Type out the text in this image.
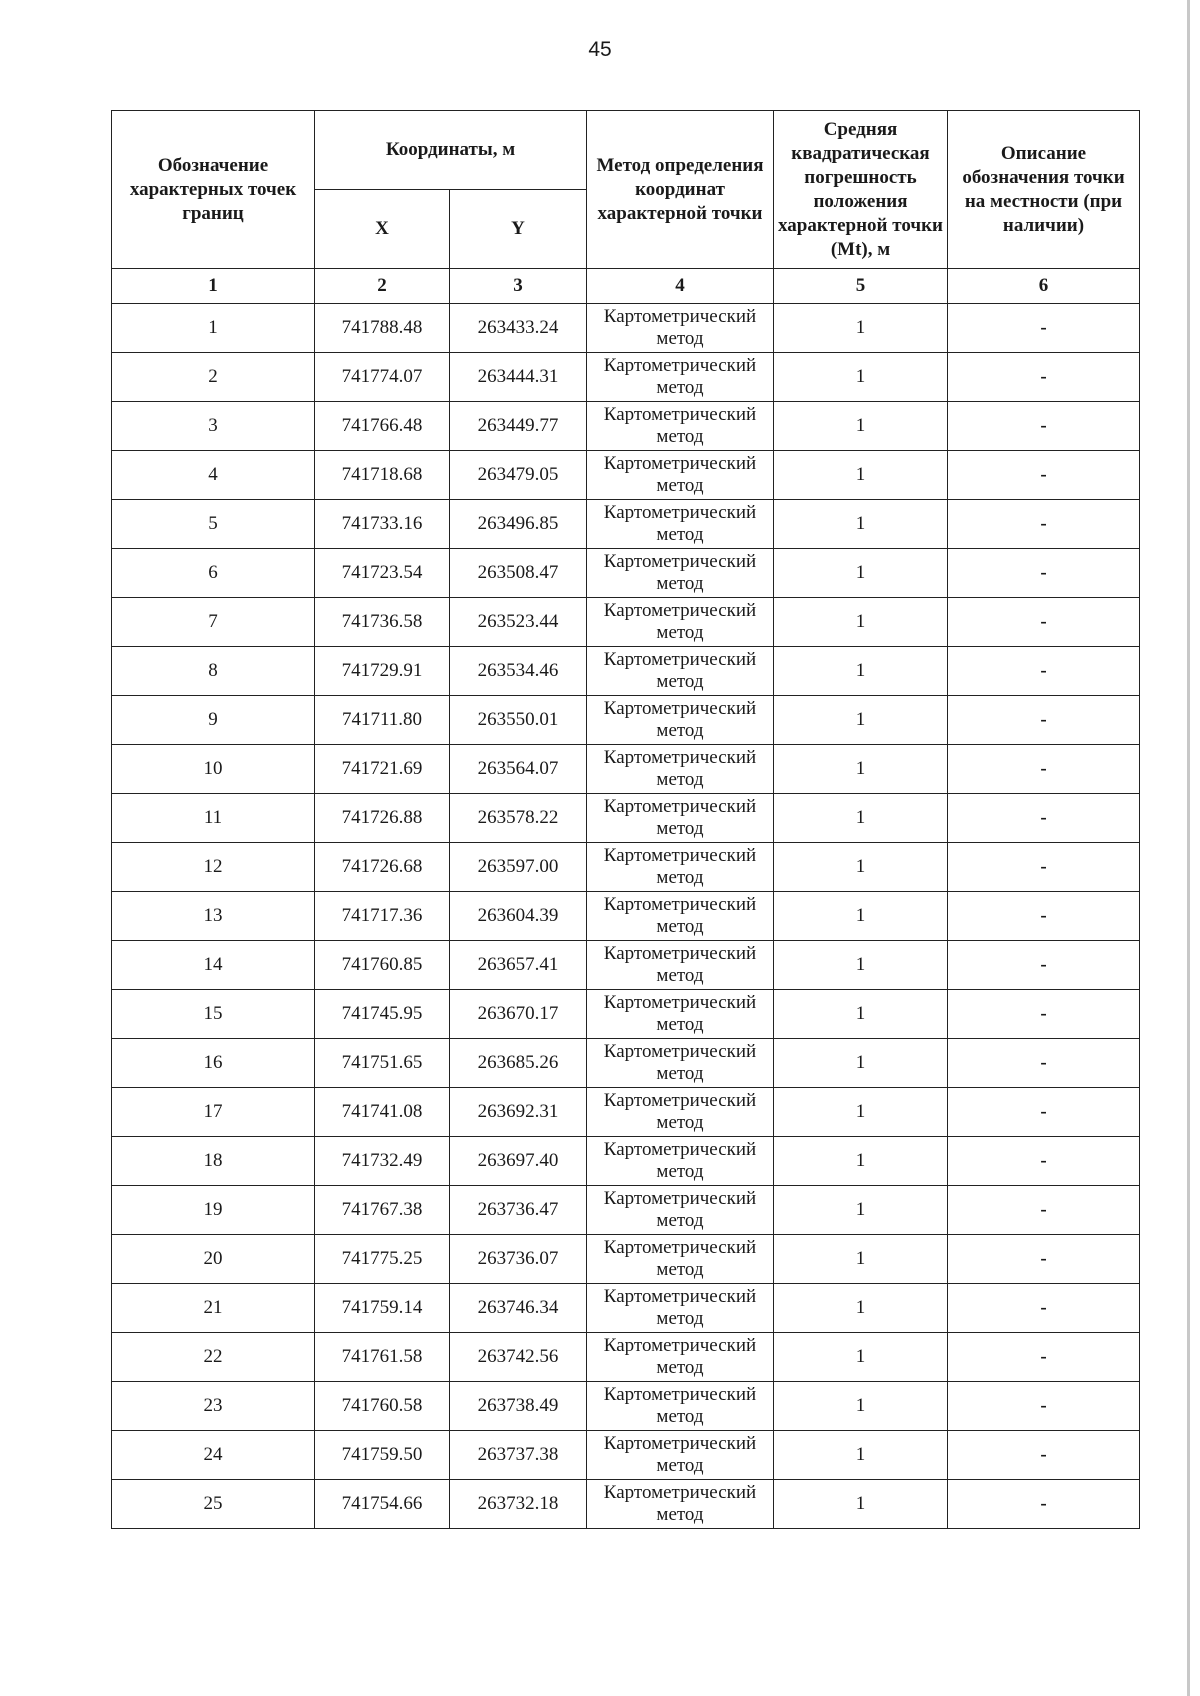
45
Обозначение характерных точек границ	Координаты, м		Метод определения координат характерной точки	Средняя квадратическая погрешность положения характерной точки (Mt), м	Описание обозначения точки на местности (при наличии)
	X	Y			
1	2	3	4	5	6
1	741788.48	263433.24	Картометрический метод	1	-
2	741774.07	263444.31	Картометрический метод	1	-
3	741766.48	263449.77	Картометрический метод	1	-
4	741718.68	263479.05	Картометрический метод	1	-
5	741733.16	263496.85	Картометрический метод	1	-
6	741723.54	263508.47	Картометрический метод	1	-
7	741736.58	263523.44	Картометрический метод	1	-
8	741729.91	263534.46	Картометрический метод	1	-
9	741711.80	263550.01	Картометрический метод	1	-
10	741721.69	263564.07	Картометрический метод	1	-
11	741726.88	263578.22	Картометрический метод	1	-
12	741726.68	263597.00	Картометрический метод	1	-
13	741717.36	263604.39	Картометрический метод	1	-
14	741760.85	263657.41	Картометрический метод	1	-
15	741745.95	263670.17	Картометрический метод	1	-
16	741751.65	263685.26	Картометрический метод	1	-
17	741741.08	263692.31	Картометрический метод	1	-
18	741732.49	263697.40	Картометрический метод	1	-
19	741767.38	263736.47	Картометрический метод	1	-
20	741775.25	263736.07	Картометрический метод	1	-
21	741759.14	263746.34	Картометрический метод	1	-
22	741761.58	263742.56	Картометрический метод	1	-
23	741760.58	263738.49	Картометрический метод	1	-
24	741759.50	263737.38	Картометрический метод	1	-
25	741754.66	263732.18	Картометрический метод	1	-
